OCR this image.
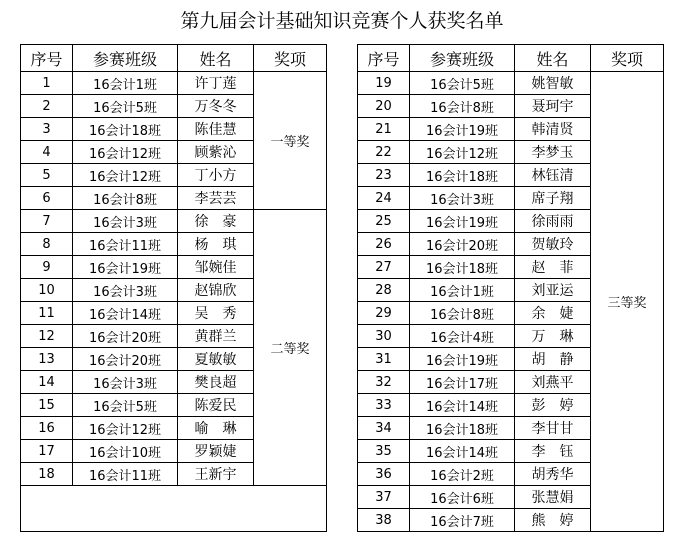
第九届会计基础知识竞赛个人获奖名单
序号	参赛班级	姓名	奖项
1	16会计1班	许丁莲	一等奖
2	16会计5班	万冬冬	
3	16会计18班	陈佳慧	
4	16会计12班	顾紫沁	
5	16会计12班	丁小方	
6	16会计8班	李芸芸	
7	16会计3班	徐　豪	二等奖
8	16会计11班	杨　琪	
9	16会计19班	邹婉佳	
10	16会计3班	赵锦欣	
11	16会计14班	吴　秀	
12	16会计20班	黄群兰	
13	16会计20班	夏敏敏	
14	16会计3班	樊良超	
15	16会计5班	陈爱民	
16	16会计12班	喻　琳	
17	16会计10班	罗颖婕	
18	16会计11班	王新宇	

序号	参赛班级	姓名	奖项
19	16会计5班	姚智敏	三等奖
20	16会计8班	聂珂宇	
21	16会计19班	韩清贤	
22	16会计12班	李梦玉	
23	16会计18班	林钰清	
24	16会计3班	席子翔	
25	16会计19班	徐雨雨	
26	16会计20班	贺敏玲	
27	16会计18班	赵　菲	
28	16会计1班	刘亚运	
29	16会计8班	余　婕	
30	16会计4班	万　琳	
31	16会计19班	胡　静	
32	16会计17班	刘燕平	
33	16会计14班	彭　婷	
34	16会计18班	李甘甘	
35	16会计14班	李　钰	
36	16会计2班	胡秀华	
37	16会计6班	张慧娟	
38	16会计7班	熊　婷	
